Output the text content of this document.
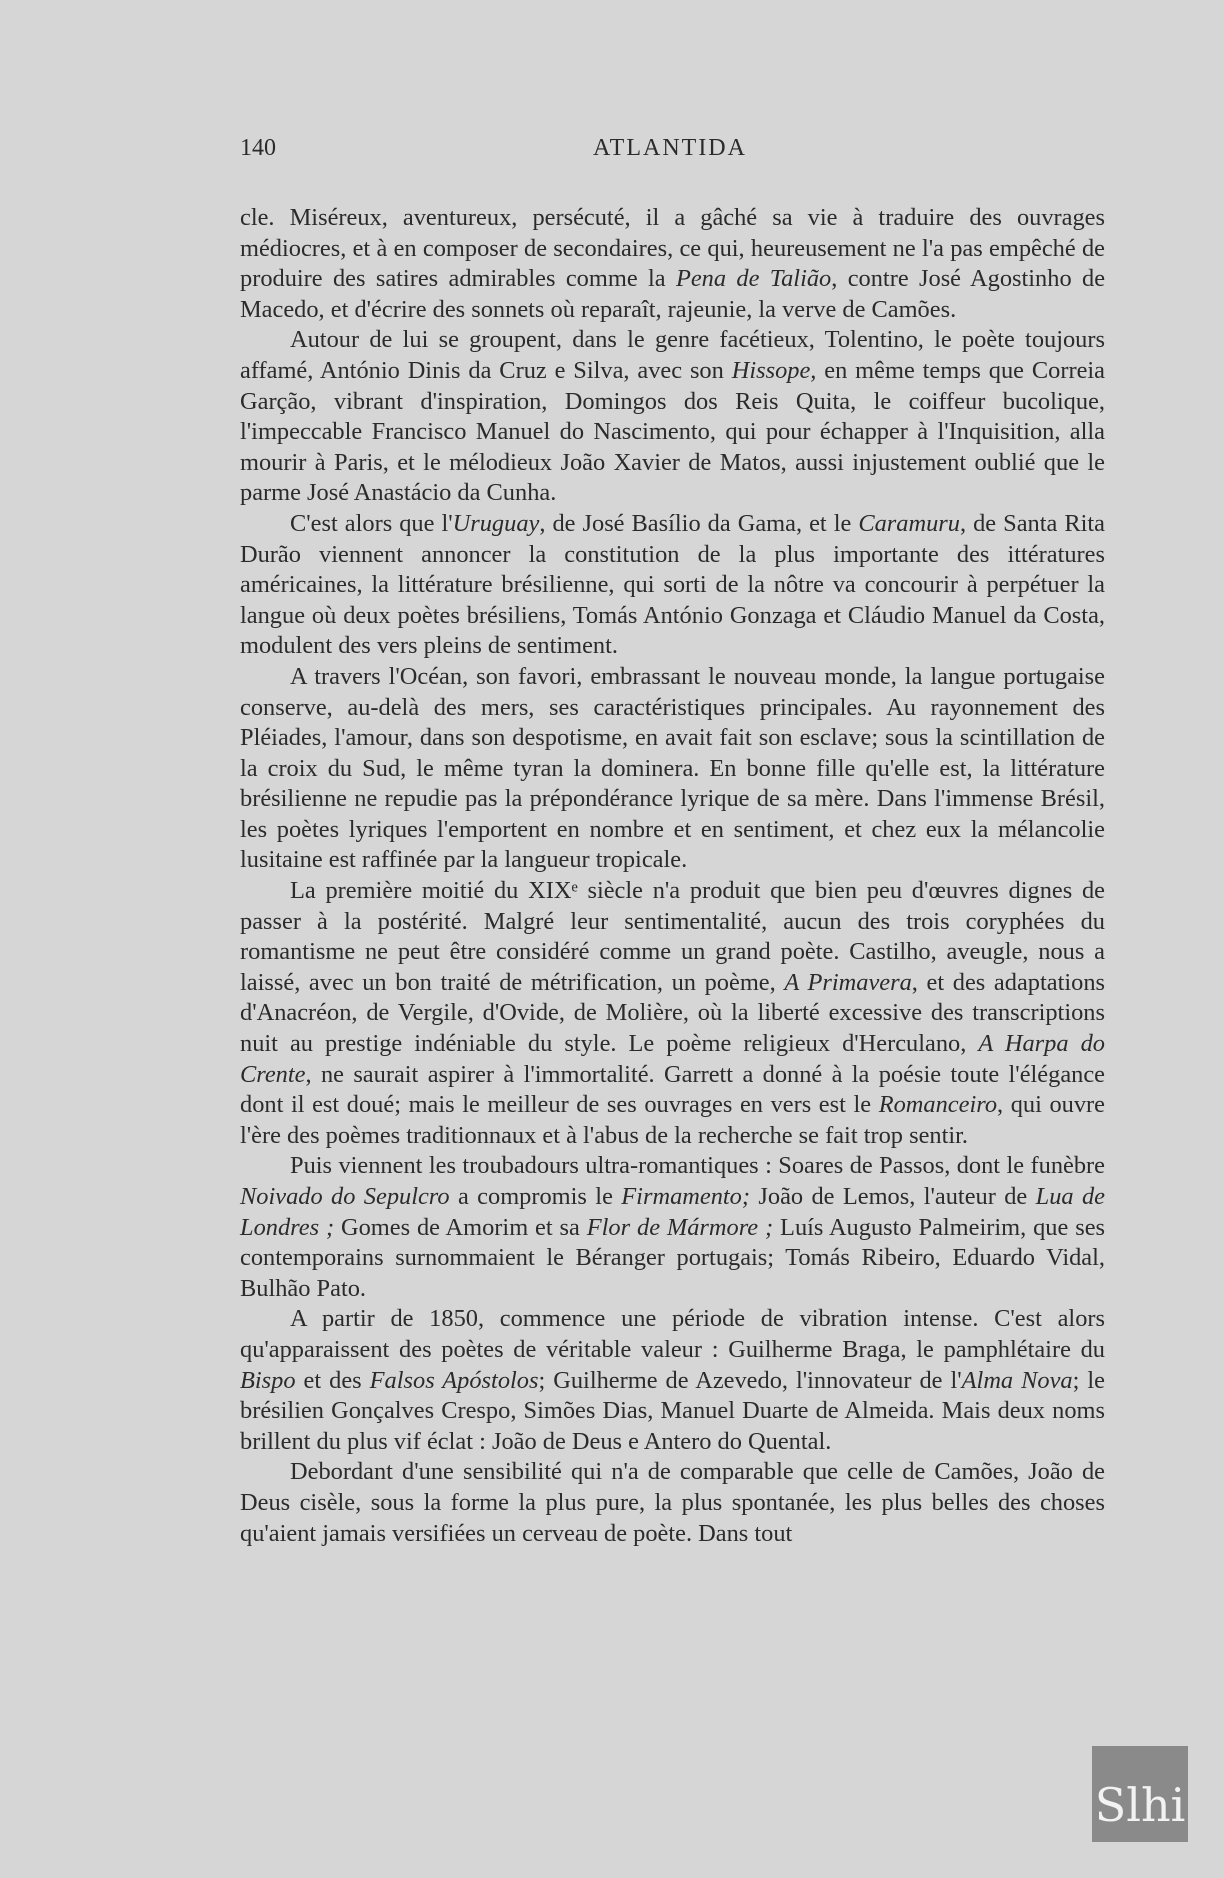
140	ATLANTIDA

cle. Miséreux, aventureux, persécuté, il a gâché sa vie à traduire des ouvrages médiocres, et à en composer de secondaires, ce qui, heureusement ne l'a pas empêché de produire des satires admirables comme la Pena de Talião, contre José Agostinho de Macedo, et d'écrire des sonnets où reparaît, rajeunie, la verve de Camões.

Autour de lui se groupent, dans le genre facétieux, Tolentino, le poète toujours affamé, António Dinis da Cruz e Silva, avec son Hissope, en même temps que Correia Garção, vibrant d'inspiration, Domingos dos Reis Quita, le coiffeur bucolique, l'impeccable Francisco Manuel do Nascimento, qui pour échapper à l'Inquisition, alla mourir à Paris, et le mélodieux João Xavier de Matos, aussi injustement oublié que le parme José Anastácio da Cunha.

C'est alors que l'Uruguay, de José Basílio da Gama, et le Caramuru, de Santa Rita Durão viennent annoncer la constitution de la plus importante des ittératures américaines, la littérature brésilienne, qui sorti de la nôtre va concourir à perpétuer la langue où deux poètes brésiliens, Tomás António Gonzaga et Cláudio Manuel da Costa, modulent des vers pleins de sentiment.

A travers l'Océan, son favori, embrassant le nouveau monde, la langue portugaise conserve, au-delà des mers, ses caractéristiques principales. Au rayonnement des Pléiades, l'amour, dans son despotisme, en avait fait son esclave; sous la scintillation de la croix du Sud, le même tyran la dominera. En bonne fille qu'elle est, la littérature brésilienne ne repudie pas la prépondérance lyrique de sa mère. Dans l'immense Brésil, les poètes lyriques l'emportent en nombre et en sentiment, et chez eux la mélancolie lusitaine est raffinée par la langueur tropicale.

La première moitié du XIXᵉ siècle n'a produit que bien peu d'œuvres dignes de passer à la postérité. Malgré leur sentimentalité, aucun des trois coryphées du romantisme ne peut être considéré comme un grand poète. Castilho, aveugle, nous a laissé, avec un bon traité de métrification, un poème, A Primavera, et des adaptations d'Anacréon, de Vergile, d'Ovide, de Molière, où la liberté excessive des transcriptions nuit au prestige indéniable du style. Le poème religieux d'Herculano, A Harpa do Crente, ne saurait aspirer à l'immortalité. Garrett a donné à la poésie toute l'élégance dont il est doué; mais le meilleur de ses ouvrages en vers est le Romanceiro, qui ouvre l'ère des poèmes traditionnaux et à l'abus de la recherche se fait trop sentir.

Puis viennent les troubadours ultra-romantiques : Soares de Passos, dont le funèbre Noivado do Sepulcro a compromis le Firmamento; João de Lemos, l'auteur de Lua de Londres ; Gomes de Amorim et sa Flor de Mármore ; Luís Augusto Palmeirim, que ses contemporains surnommaient le Béranger portugais; Tomás Ribeiro, Eduardo Vidal, Bulhão Pato.

A partir de 1850, commence une période de vibration intense. C'est alors qu'apparaissent des poètes de véritable valeur : Guilherme Braga, le pamphlétaire du Bispo et des Falsos Apóstolos; Guilherme de Azevedo, l'innovateur de l'Alma Nova; le brésilien Gonçalves Crespo, Simões Dias, Manuel Duarte de Almeida. Mais deux noms brillent du plus vif éclat : João de Deus e Antero do Quental.

Debordant d'une sensibilité qui n'a de comparable que celle de Camões, João de Deus cisèle, sous la forme la plus pure, la plus spontanée, les plus belles des choses qu'aient jamais versifiées un cerveau de poète. Dans tout

Slhi
